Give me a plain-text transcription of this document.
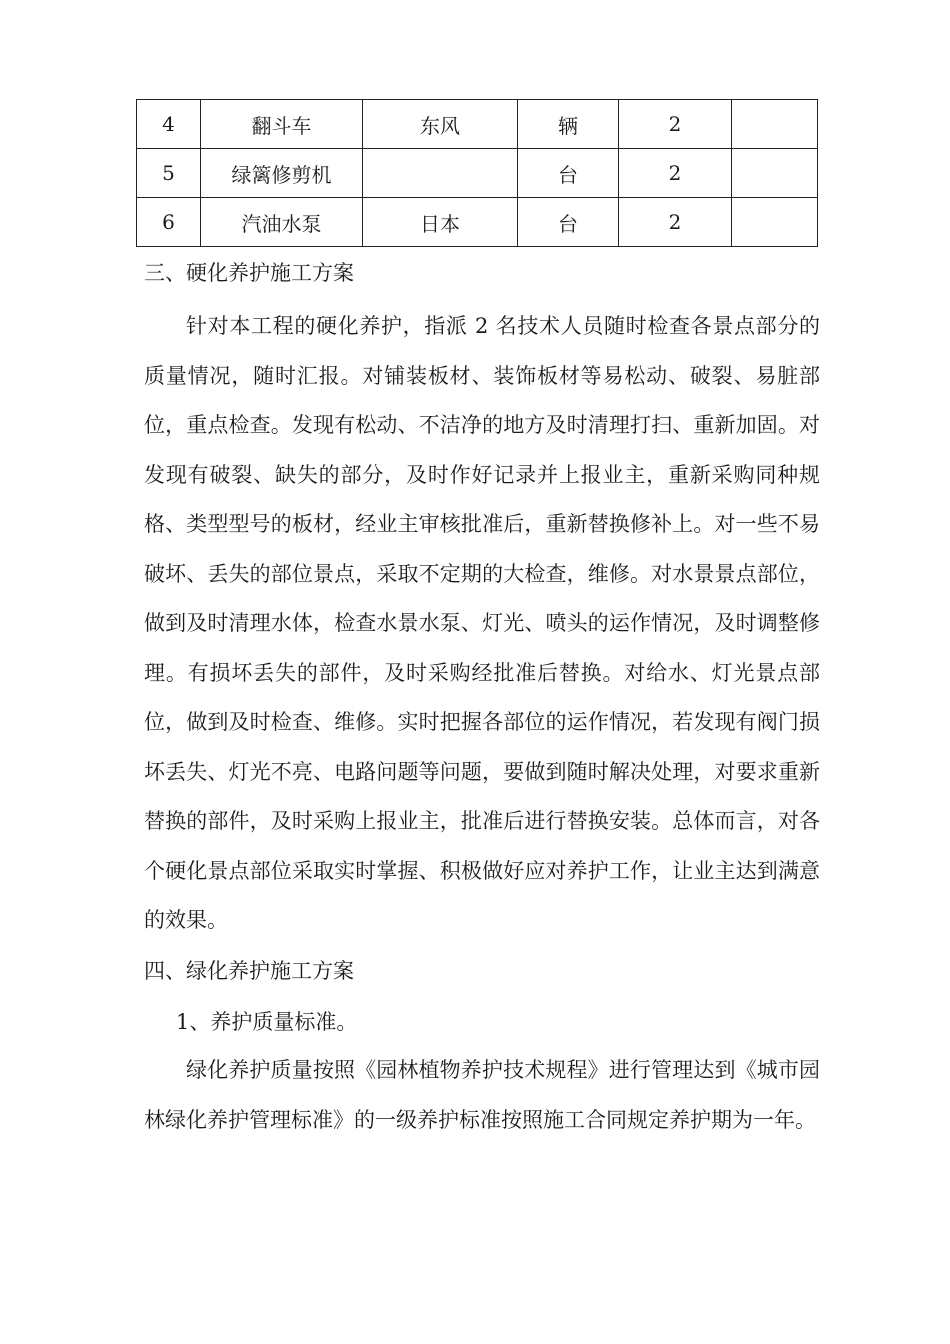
4	翻斗车	东风	辆	2	
5	绿篱修剪机		台	2	
6	汽油水泵	日本	台	2	

三、硬化养护施工方案

针对本工程的硬化养护，指派 2 名技术人员随时检查各景点部分的质量情况，随时汇报。对铺装板材、装饰板材等易松动、破裂、易脏部位，重点检查。发现有松动、不洁净的地方及时清理打扫、重新加固。对发现有破裂、缺失的部分，及时作好记录并上报业主，重新采购同种规格、类型型号的板材，经业主审核批准后，重新替换修补上。对一些不易破坏、丢失的部位景点，采取不定期的大检查，维修。对水景景点部位，做到及时清理水体，检查水景水泵、灯光、喷头的运作情况，及时调整修理。有损坏丢失的部件，及时采购经批准后替换。对给水、灯光景点部位，做到及时检查、维修。实时把握各部位的运作情况，若发现有阀门损坏丢失、灯光不亮、电路问题等问题，要做到随时解决处理，对要求重新替换的部件，及时采购上报业主，批准后进行替换安装。总体而言，对各个硬化景点部位采取实时掌握、积极做好应对养护工作，让业主达到满意的效果。

四、绿化养护施工方案

1、养护质量标准。

绿化养护质量按照《园林植物养护技术规程》进行管理达到《城市园林绿化养护管理标准》的一级养护标准按照施工合同规定养护期为一年。
